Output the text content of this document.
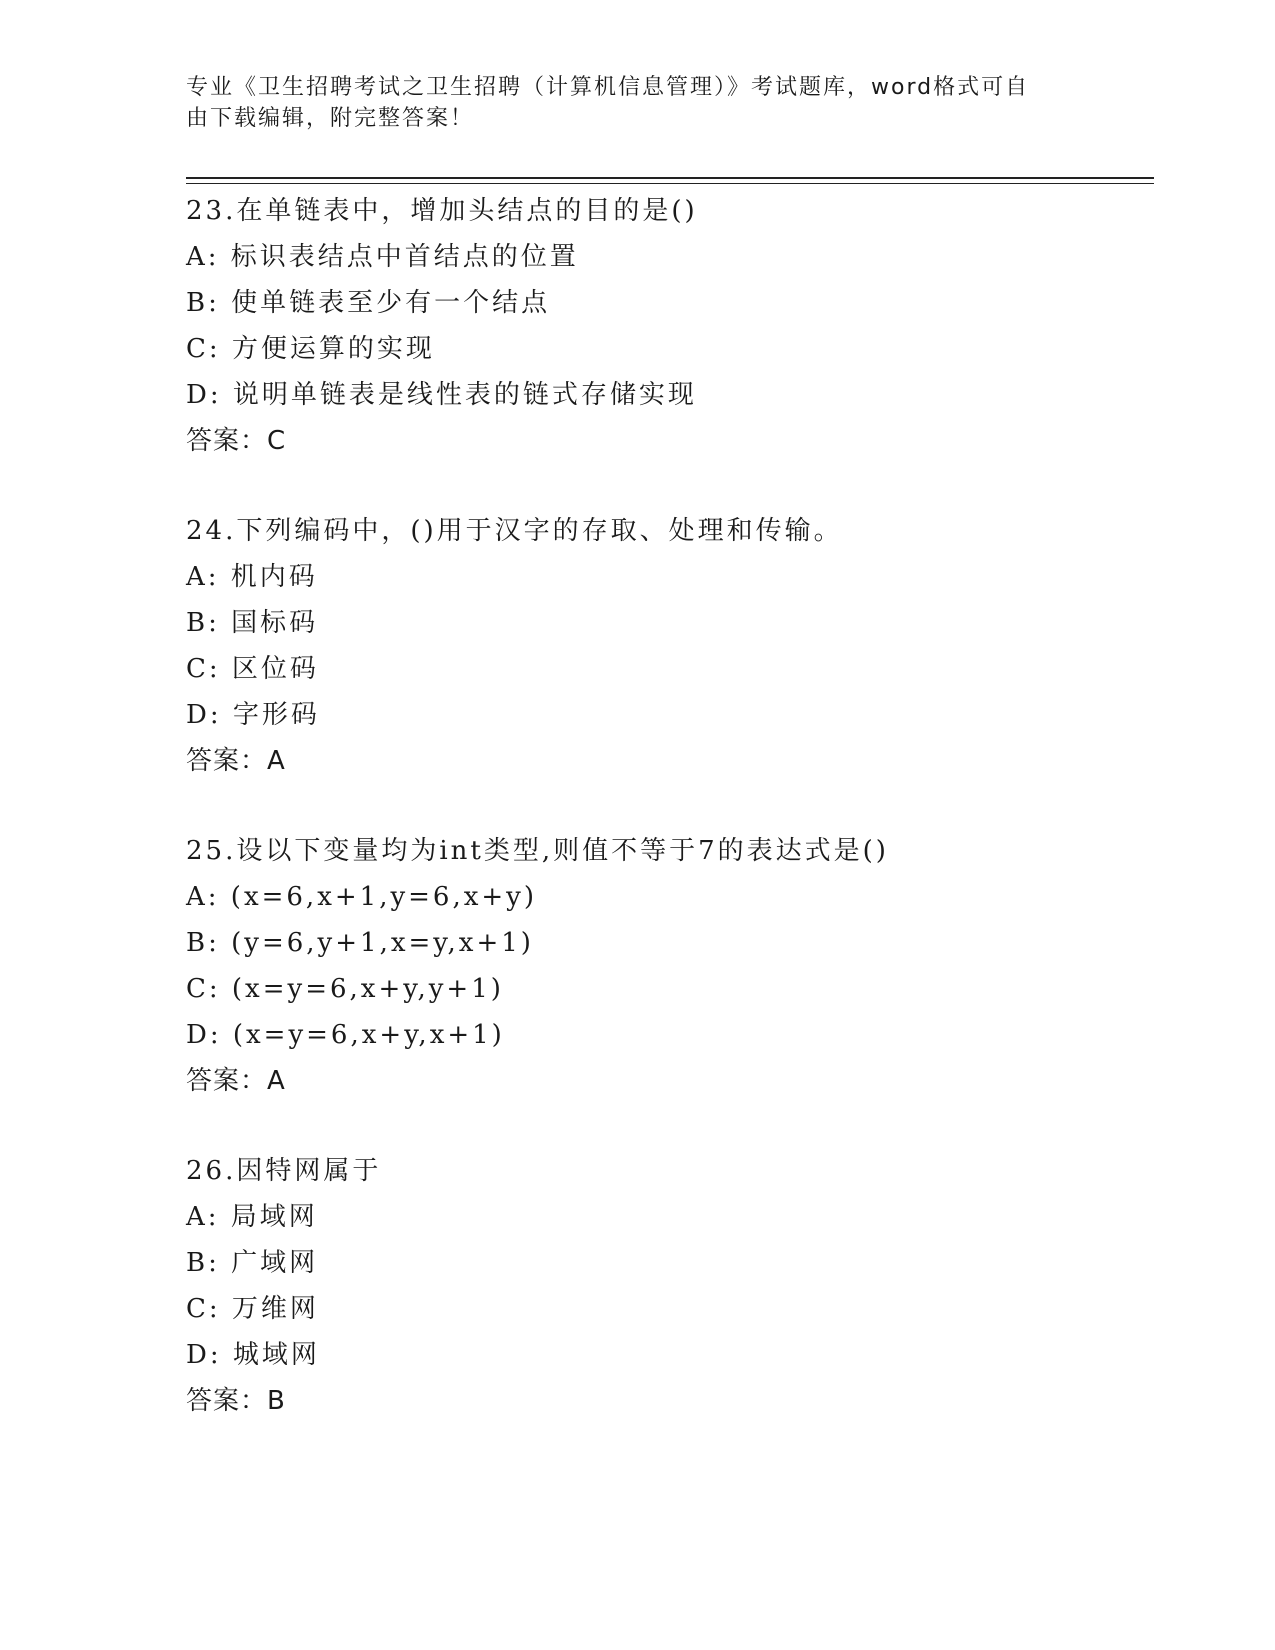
专业《卫生招聘考试之卫生招聘（计算机信息管理）》考试题库，word格式可自
由下载编辑，附完整答案！
23.在单链表中，增加头结点的目的是()
A: 标识表结点中首结点的位置
B: 使单链表至少有一个结点
C: 方便运算的实现
D: 说明单链表是线性表的链式存储实现
答案：C
24.下列编码中，()用于汉字的存取、处理和传输。
A: 机内码
B: 国标码
C: 区位码
D: 字形码
答案：A
25.设以下变量均为int类型,则值不等于7的表达式是()
A: (x=6,x+1,y=6,x+y)
B: (y=6,y+1,x=y,x+1)
C: (x=y=6,x+y,y+1)
D: (x=y=6,x+y,x+1)
答案：A
26.因特网属于
A: 局域网
B: 广域网
C: 万维网
D: 城域网
答案：B
